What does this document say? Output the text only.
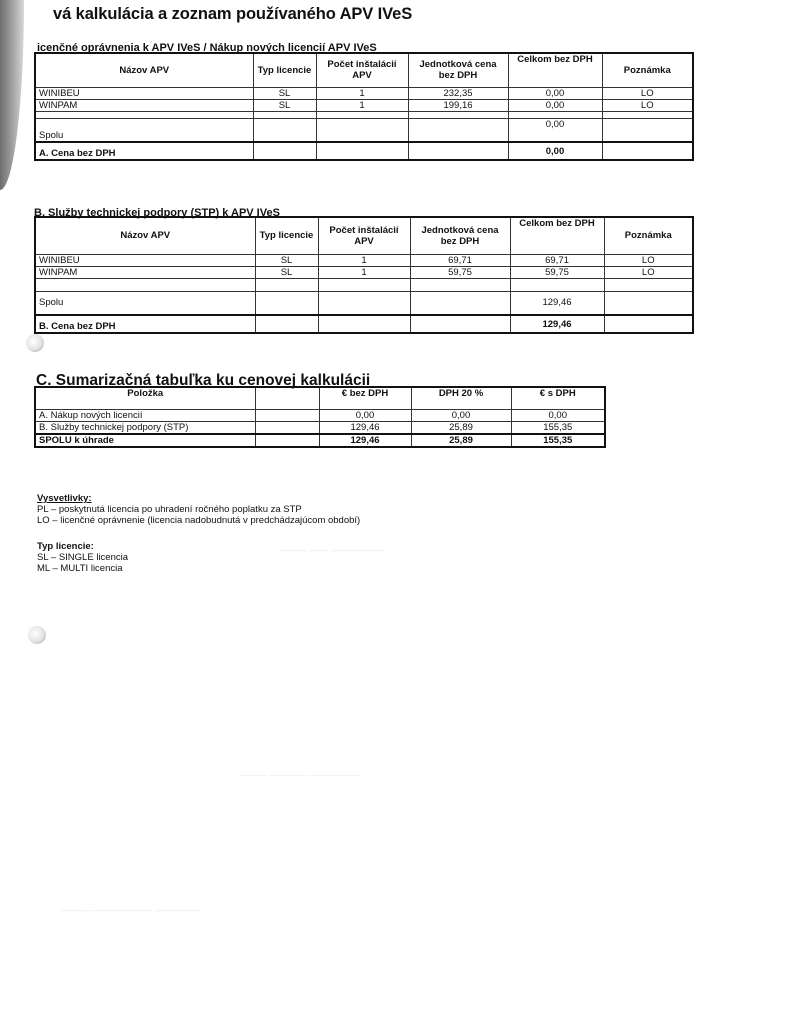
——— —— ——————
——— ———— ——————
——— ——————— —————
vá kalkulácia a zoznam používaného APV IVeS
icenčné oprávnenia k APV IVeS / Nákup nových licencií APV IVeS
Názov APV	Typ licencie	Počet inštalácií APV	Jednotková cena bez DPH	Celkom bez DPH	Poznámka
WINIBEU	SL	1	232,35	0,00	LO
WINPAM	SL	1	199,16	0,00	LO

Spolu				0,00	
A. Cena bez DPH				0,00	
B. Služby technickej podpory (STP) k APV IVeS
Názov APV	Typ licencie	Počet inštalácií APV	Jednotková cena bez DPH	Celkom bez DPH	Poznámka
WINIBEU	SL	1	69,71	69,71	LO
WINPAM	SL	1	59,75	59,75	LO

Spolu				129,46	
B. Cena bez DPH				129,46	
C. Sumarizačná tabuľka ku cenovej kalkulácii
Položka		€ bez DPH	DPH 20 %	€ s DPH
A. Nákup nových licencií		0,00	0,00	0,00
B. Služby technickej podpory (STP)		129,46	25,89	155,35
SPOLU k úhrade		129,46	25,89	155,35
Vysvetlivky:
PL – poskytnutá licencia po uhradení ročného poplatku za STP
LO – licenčné oprávnenie (licencia nadobudnutá v predchádzajúcom období)
Typ licencie:
SL – SINGLE licencia
ML – MULTI licencia
